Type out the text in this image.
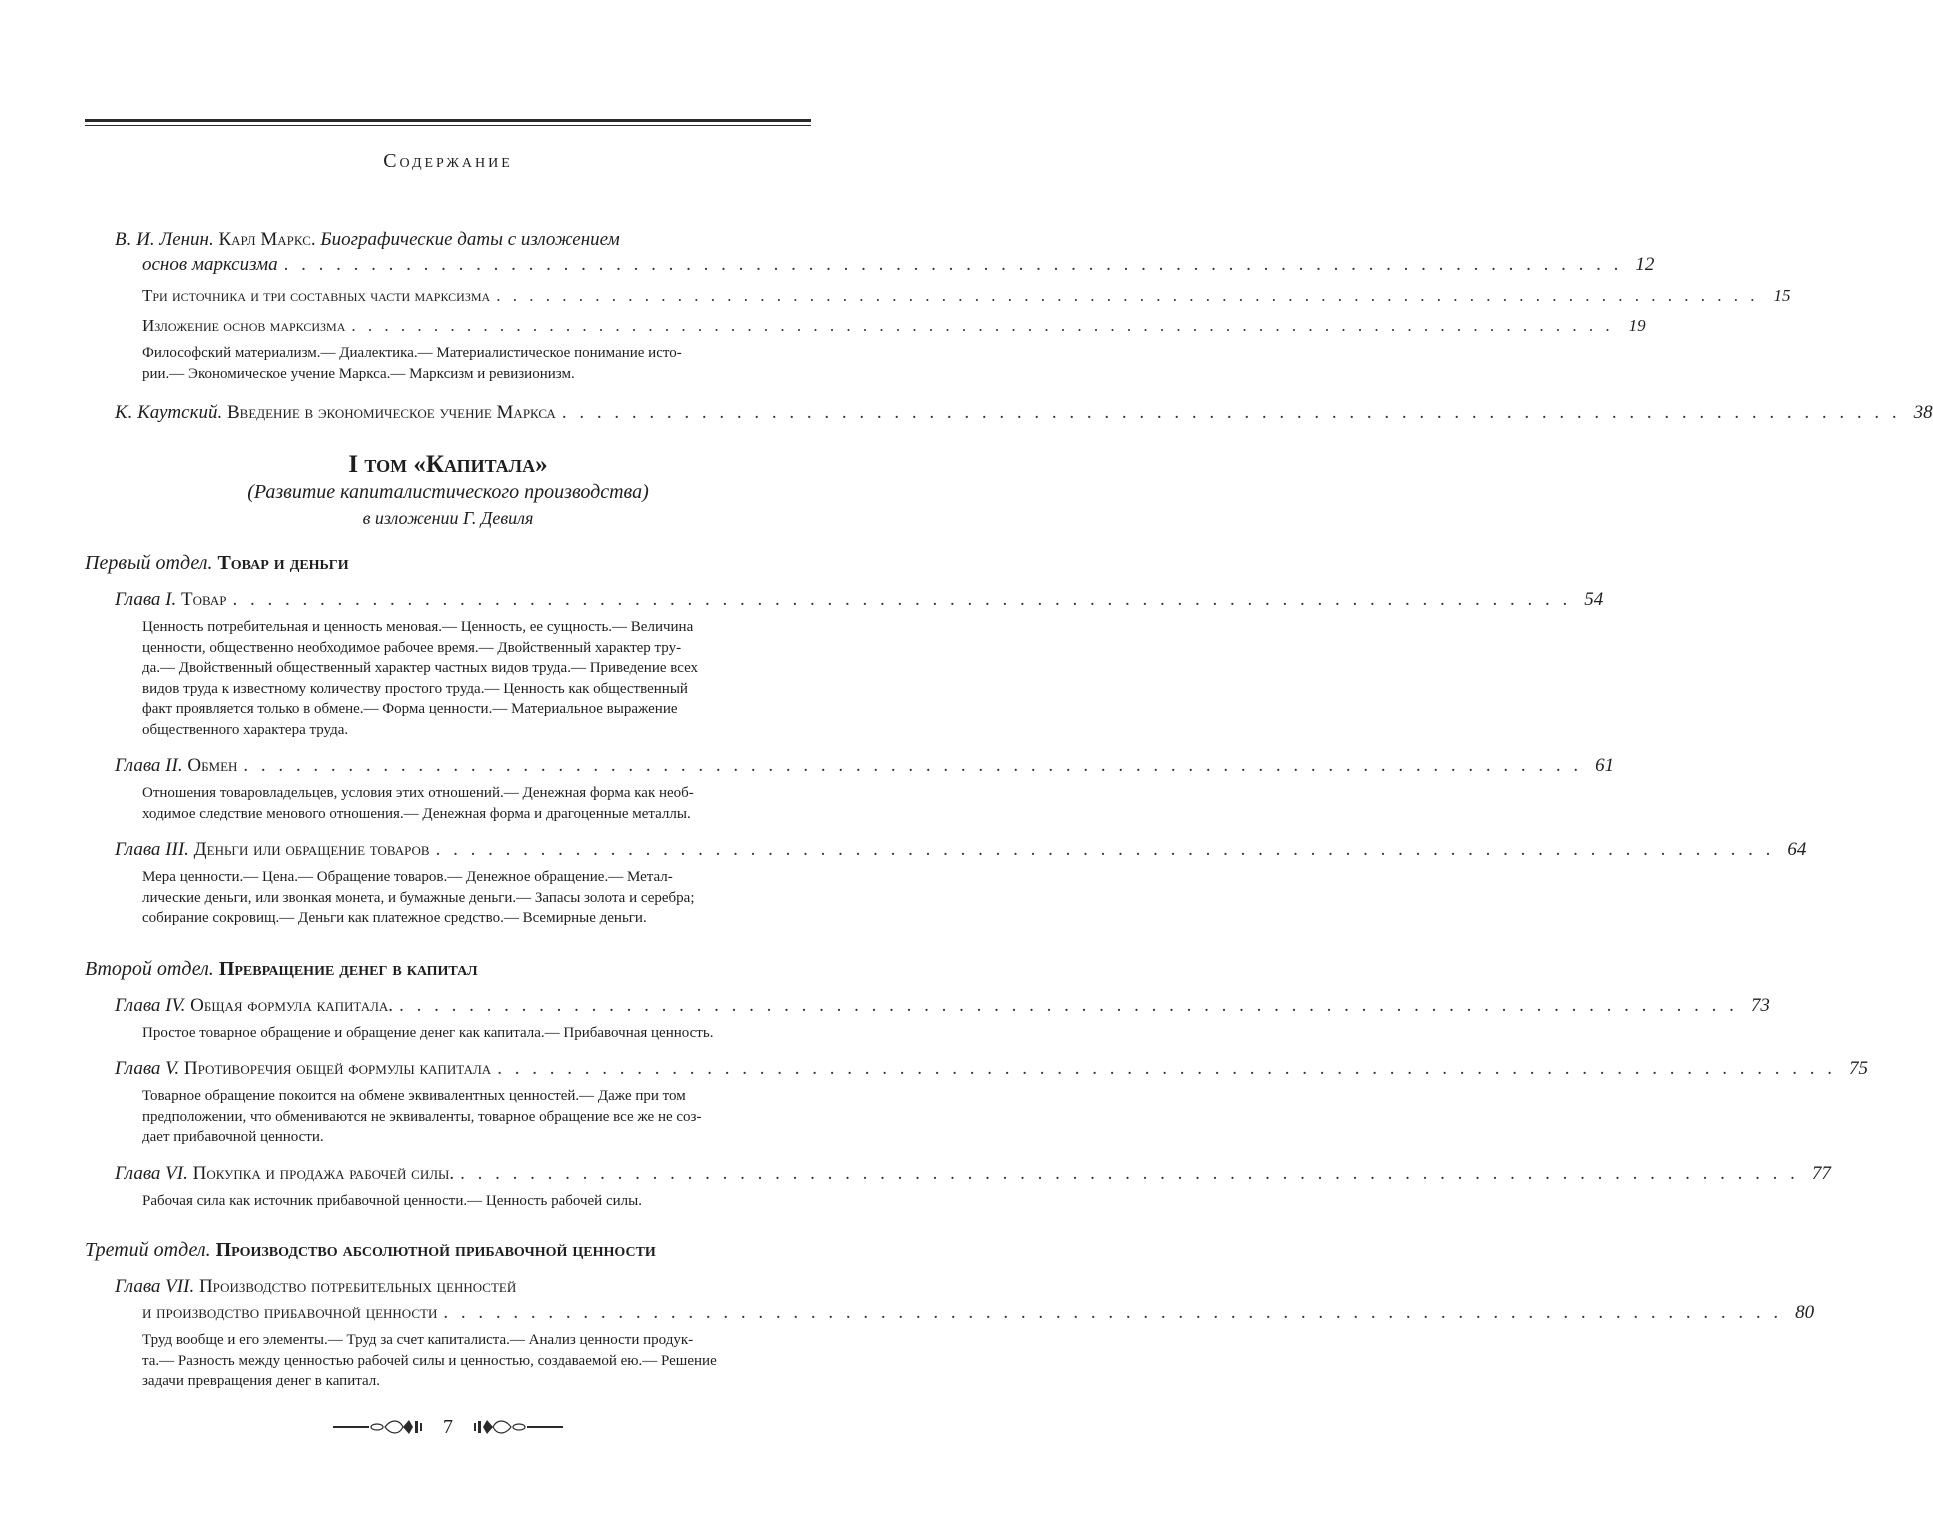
Содержание
В. И. Ленин.
Карл Маркс.
Биографические даты с изложением
основ марксизма . . . . . . . . . . . . . . . . . . . . . . . . . . . . . . . . . . . . . . . . . . . . . . . . . . . . . . . . . . . . . . . . . . . . . . . . . . . . . 12
Три источника и три составных части марксизма . . . . . . . . . . . . . . . . . . . . . . . . . . . . . . . . . . . . . . . . . . . . . . . . . . . . . . . . . . . . . . . . . . . . . . . . . . . . . 15
Изложение основ марксизма . . . . . . . . . . . . . . . . . . . . . . . . . . . . . . . . . . . . . . . . . . . . . . . . . . . . . . . . . . . . . . . . . . . . . . . . . . . . . 19
Философский материализм.— Диалектика.— Материалистическое понимание исто-
рии.— Экономическое учение Маркса.— Марксизм и ревизионизм.
К. Каутский.
Введение в экономическое учение Маркса . . . . . . . . . . . . . . . . . . . . . . . . . . . . . . . . . . . . . . . . . . . . . . . . . . . . . . . . . . . . . . . . . . . . . . . . . . . . . 38
I том «Капитала»
(Развитие капиталистического производства)
в изложении Г. Девиля
Первый отдел. Товар и деньги
Глава I.
Товар . . . . . . . . . . . . . . . . . . . . . . . . . . . . . . . . . . . . . . . . . . . . . . . . . . . . . . . . . . . . . . . . . . . . . . . . . . . . . 54
Ценность потребительная и ценность меновая.— Ценность, ее сущность.— Величина
ценности, общественно необходимое рабочее время.— Двойственный характер тру-
да.— Двойственный общественный характер частных видов труда.— Приведение всех
видов труда к известному количеству простого труда.— Ценность как общественный
факт проявляется только в обмене.— Форма ценности.— Материальное выражение
общественного характера труда.
Глава II.
Обмен . . . . . . . . . . . . . . . . . . . . . . . . . . . . . . . . . . . . . . . . . . . . . . . . . . . . . . . . . . . . . . . . . . . . . . . . . . . . . 61
Отношения товаровладельцев, условия этих отношений.— Денежная форма как необ-
ходимое следствие менового отношения.— Денежная форма и драгоценные металлы.
Глава III.
Деньги или обращение товаров . . . . . . . . . . . . . . . . . . . . . . . . . . . . . . . . . . . . . . . . . . . . . . . . . . . . . . . . . . . . . . . . . . . . . . . . . . . . . 64
Мера ценности.— Цена.— Обращение товаров.— Денежное обращение.— Метал-
лические деньги, или звонкая монета, и бумажные деньги.— Запасы золота и серебра;
собирание сокровищ.— Деньги как платежное средство.— Всемирные деньги.
Второй отдел. Превращение денег в капитал
Глава IV.
Общая формула капитала. . . . . . . . . . . . . . . . . . . . . . . . . . . . . . . . . . . . . . . . . . . . . . . . . . . . . . . . . . . . . . . . . . . . . . . . . . . . . . 73
Простое товарное обращение и обращение денег как капитала.— Прибавочная ценность.
Глава V.
Противоречия общей формулы капитала . . . . . . . . . . . . . . . . . . . . . . . . . . . . . . . . . . . . . . . . . . . . . . . . . . . . . . . . . . . . . . . . . . . . . . . . . . . . . 75
Товарное обращение покоится на обмене эквивалентных ценностей.— Даже при том
предположении, что обмениваются не эквиваленты, товарное обращение все же не соз-
дает прибавочной ценности.
Глава VI.
Покупка и продажа рабочей силы. . . . . . . . . . . . . . . . . . . . . . . . . . . . . . . . . . . . . . . . . . . . . . . . . . . . . . . . . . . . . . . . . . . . . . . . . . . . . . 77
Рабочая сила как источник прибавочной ценности.— Ценность рабочей силы.
Третий отдел. Производство абсолютной прибавочной ценности
Глава VII.
Производство потребительных ценностей
и производство прибавочной ценности . . . . . . . . . . . . . . . . . . . . . . . . . . . . . . . . . . . . . . . . . . . . . . . . . . . . . . . . . . . . . . . . . . . . . . . . . . . . . 80
Труд вообще и его элементы.— Труд за счет капиталиста.— Анализ ценности продук-
та.— Разность между ценностью рабочей силы и ценностью, создаваемой ею.— Решение
задачи превращения денег в капитал.
7
